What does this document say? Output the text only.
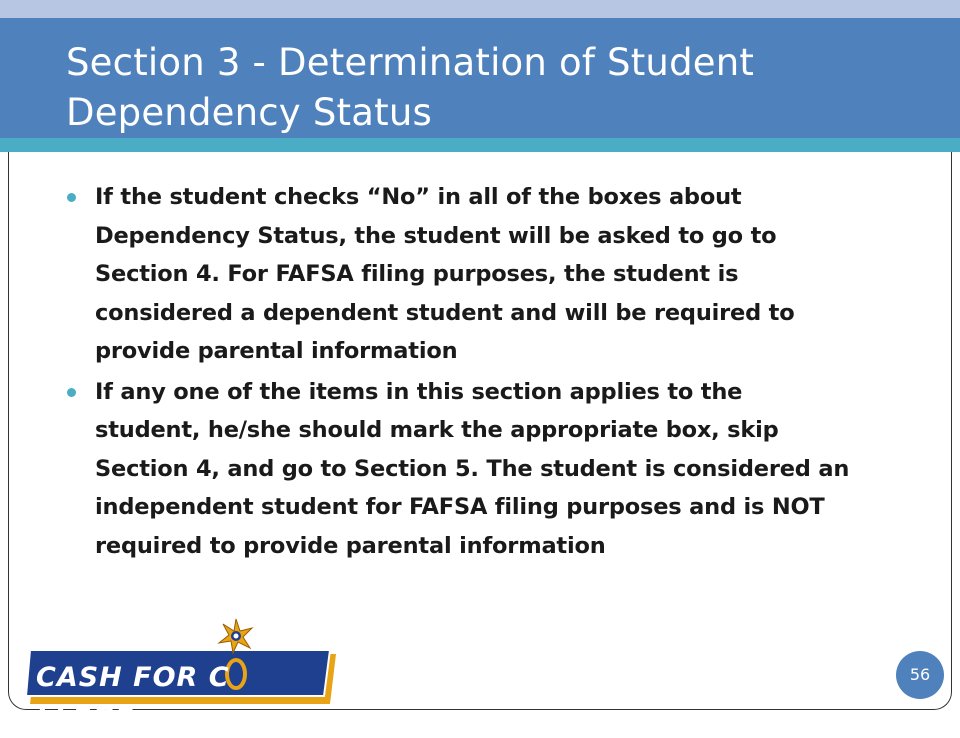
Section 3 - Determination of Student Dependency Status
If the student checks “No” in all of the boxes about Dependency Status, the student will be asked to go to Section 4. For FAFSA filing purposes, the student is considered a dependent student and will be required to provide parental information
If any one of the items in this section applies to the student, he/she should mark the appropriate box, skip Section 4, and go to Section 5. The student is considered an independent student for FAFSA filing purposes and is NOT required to provide parental information
CASH FOR C LLEGE
56
